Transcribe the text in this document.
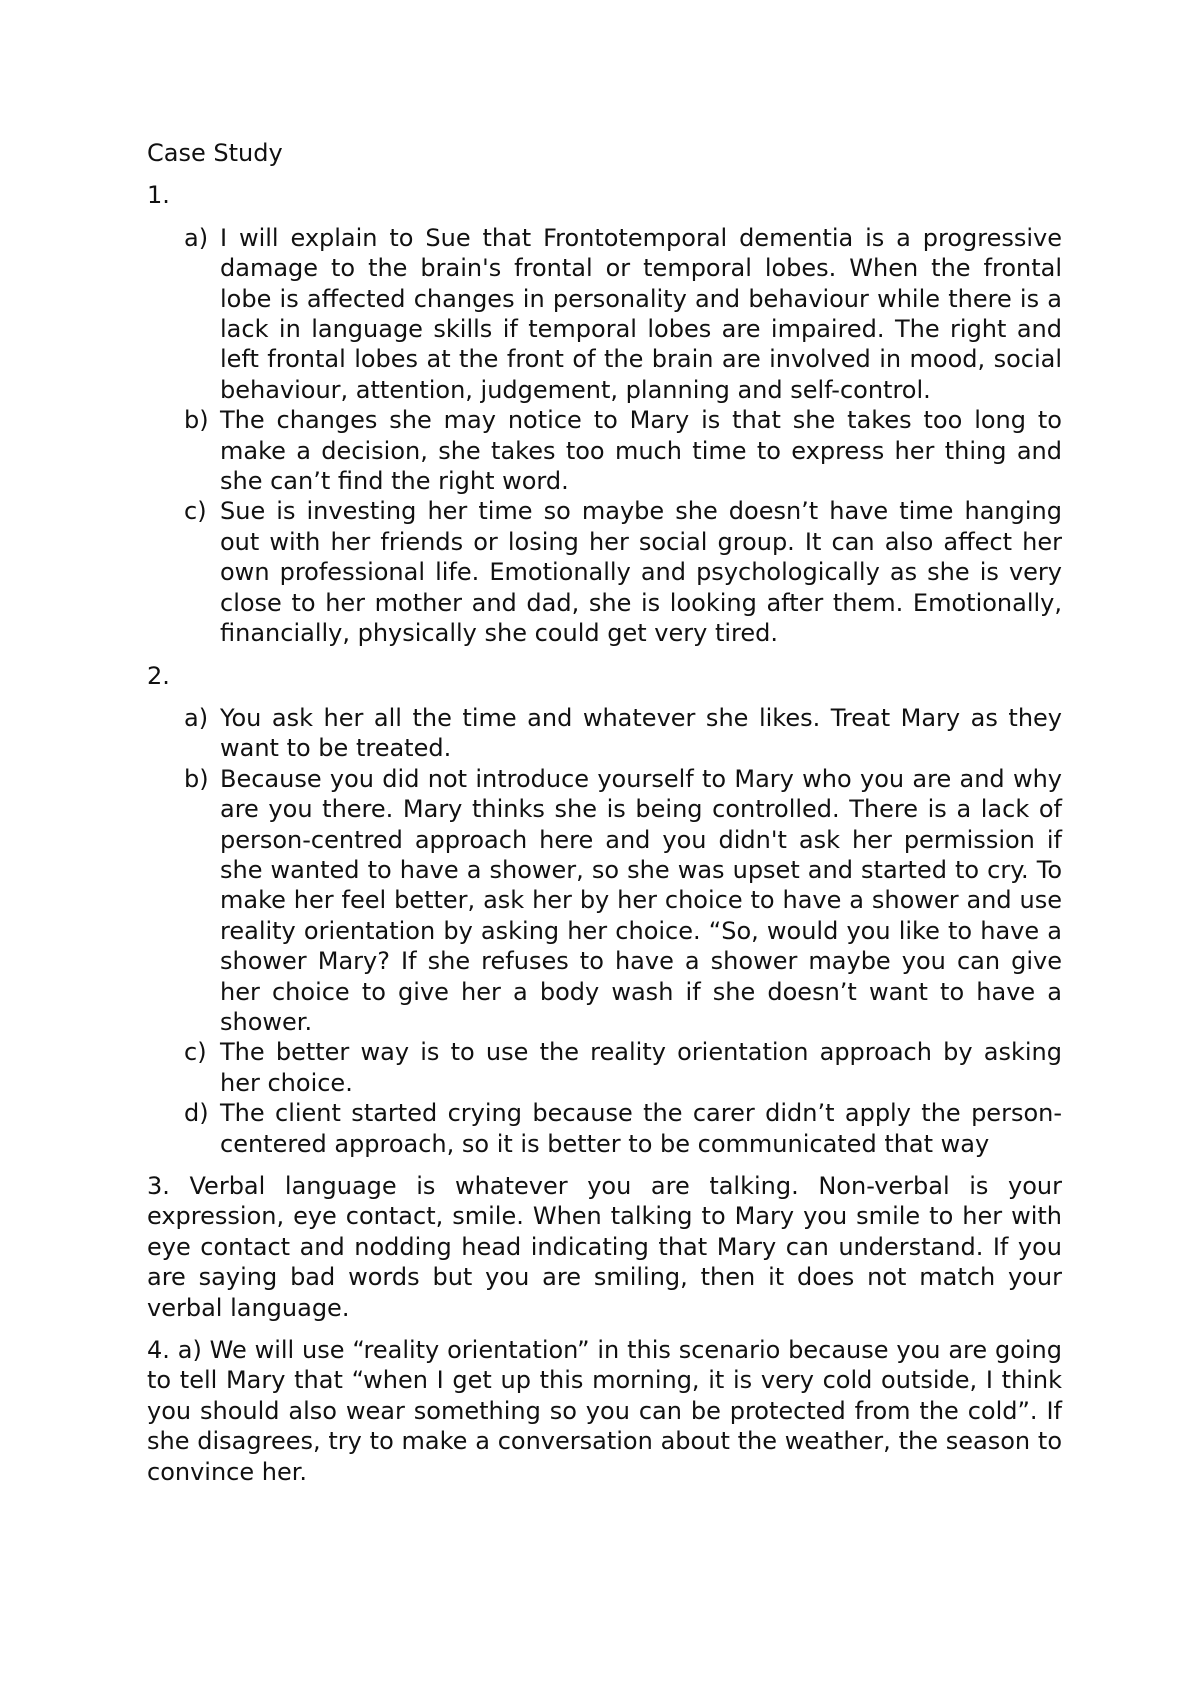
Case Study
1.
a) I will explain to Sue that Frontotemporal dementia is a progressive damage to the brain's frontal or temporal lobes. When the frontal lobe is affected changes in personality and behaviour while there is a lack in language skills if temporal lobes are impaired. The right and left frontal lobes at the front of the brain are involved in mood, social behaviour, attention, judgement, planning and self-control.
b) The changes she may notice to Mary is that she takes too long to make a decision, she takes too much time to express her thing and she can’t find the right word.
c) Sue is investing her time so maybe she doesn’t have time hanging out with her friends or losing her social group. It can also affect her own professional life. Emotionally and psychologically as she is very close to her mother and dad, she is looking after them. Emotionally, financially, physically she could get very tired.
2.
a) You ask her all the time and whatever she likes. Treat Mary as they want to be treated.
b) Because you did not introduce yourself to Mary who you are and why are you there. Mary thinks she is being controlled. There is a lack of person-centred approach here and you didn't ask her permission if she wanted to have a shower, so she was upset and started to cry. To make her feel better, ask her by her choice to have a shower and use reality orientation by asking her choice. “So, would you like to have a shower Mary? If she refuses to have a shower maybe you can give her choice to give her a body wash if she doesn’t want to have a shower.
c) The better way is to use the reality orientation approach by asking her choice.
d) The client started crying because the carer didn’t apply the person-centered approach, so it is better to be communicated that way
3. Verbal language is whatever you are talking. Non-verbal is your expression, eye contact, smile. When talking to Mary you smile to her with eye contact and nodding head indicating that Mary can understand. If you are saying bad words but you are smiling, then it does not match your verbal language.
4. a) We will use “reality orientation” in this scenario because you are going to tell Mary that “when I get up this morning, it is very cold outside, I think you should also wear something so you can be protected from the cold”. If she disagrees, try to make a conversation about the weather, the season to convince her.
